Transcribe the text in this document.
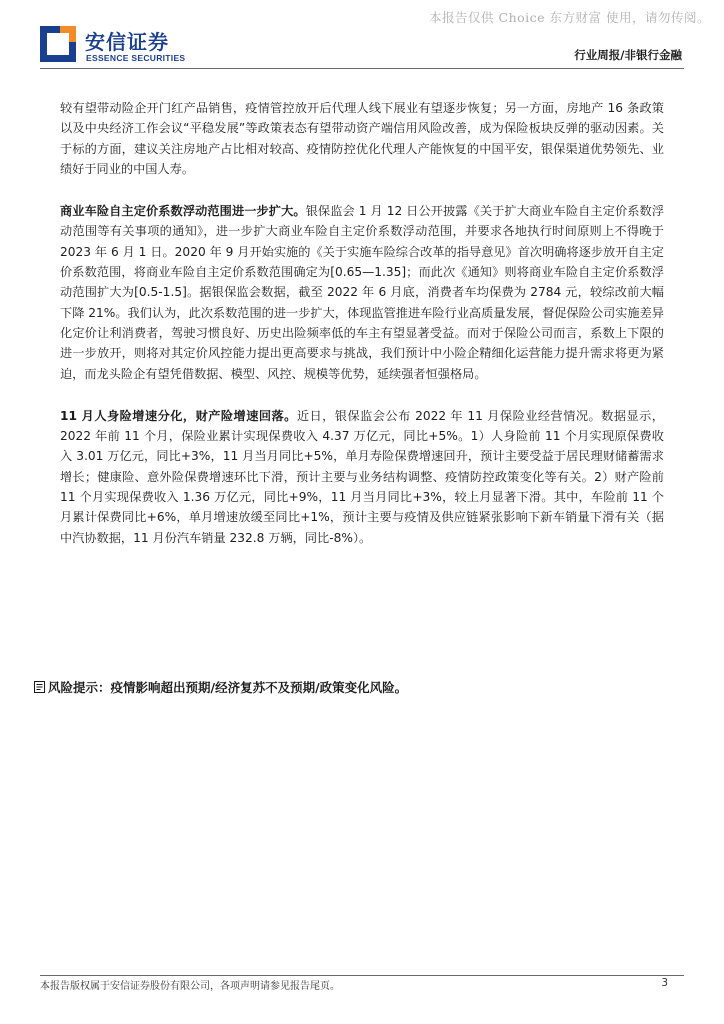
本报告仅供 Choice 东方财富 使用，请勿传阅。
安信证券
ESSENCE SECURITIES	行业周报/非银行金融

较有望带动险企开门红产品销售，疫情管控放开后代理人线下展业有望逐步恢复；另一方面，房地产 16 条政策以及中央经济工作会议“平稳发展”等政策表态有望带动资产端信用风险改善，成为保险板块反弹的驱动因素。关于标的方面，建议关注房地产占比相对较高、疫情防控优化代理人产能恢复的中国平安，银保渠道优势领先、业绩好于同业的中国人寿。

商业车险自主定价系数浮动范围进一步扩大。银保监会 1 月 12 日公开披露《关于扩大商业车险自主定价系数浮动范围等有关事项的通知》，进一步扩大商业车险自主定价系数浮动范围，并要求各地执行时间原则上不得晚于 2023 年 6 月 1 日。2020 年 9 月开始实施的《关于实施车险综合改革的指导意见》首次明确将逐步放开自主定价系数范围，将商业车险自主定价系数范围确定为[0.65—1.35]；而此次《通知》则将商业车险自主定价系数浮动范围扩大为[0.5-1.5]。据银保监会数据，截至 2022 年 6 月底，消费者车均保费为 2784 元，较综改前大幅下降 21%。我们认为，此次系数范围的进一步扩大，体现监管推进车险行业高质量发展，督促保险公司实施差异化定价让利消费者，驾驶习惯良好、历史出险频率低的车主有望显著受益。而对于保险公司而言，系数上下限的进一步放开，则将对其定价风控能力提出更高要求与挑战，我们预计中小险企精细化运营能力提升需求将更为紧迫，而龙头险企有望凭借数据、模型、风控、规模等优势，延续强者恒强格局。

11 月人身险增速分化，财产险增速回落。近日，银保监会公布 2022 年 11 月保险业经营情况。数据显示，2022 年前 11 个月，保险业累计实现保费收入 4.37 万亿元，同比+5%。1）人身险前 11 个月实现原保费收入 3.01 万亿元，同比+3%，11 月当月同比+5%，单月寿险保费增速回升，预计主要受益于居民理财储蓄需求增长；健康险、意外险保费增速环比下滑，预计主要与业务结构调整、疫情防控政策变化等有关。2）财产险前 11 个月实现保费收入 1.36 万亿元，同比+9%，11 月当月同比+3%，较上月显著下滑。其中，车险前 11 个月累计保费同比+6%，单月增速放缓至同比+1%，预计主要与疫情及供应链紧张影响下新车销量下滑有关（据中汽协数据，11 月份汽车销量 232.8 万辆，同比-8%）。

风险提示：疫情影响超出预期/经济复苏不及预期/政策变化风险。
本报告版权属于安信证券股份有限公司，各项声明请参见报告尾页。	3
